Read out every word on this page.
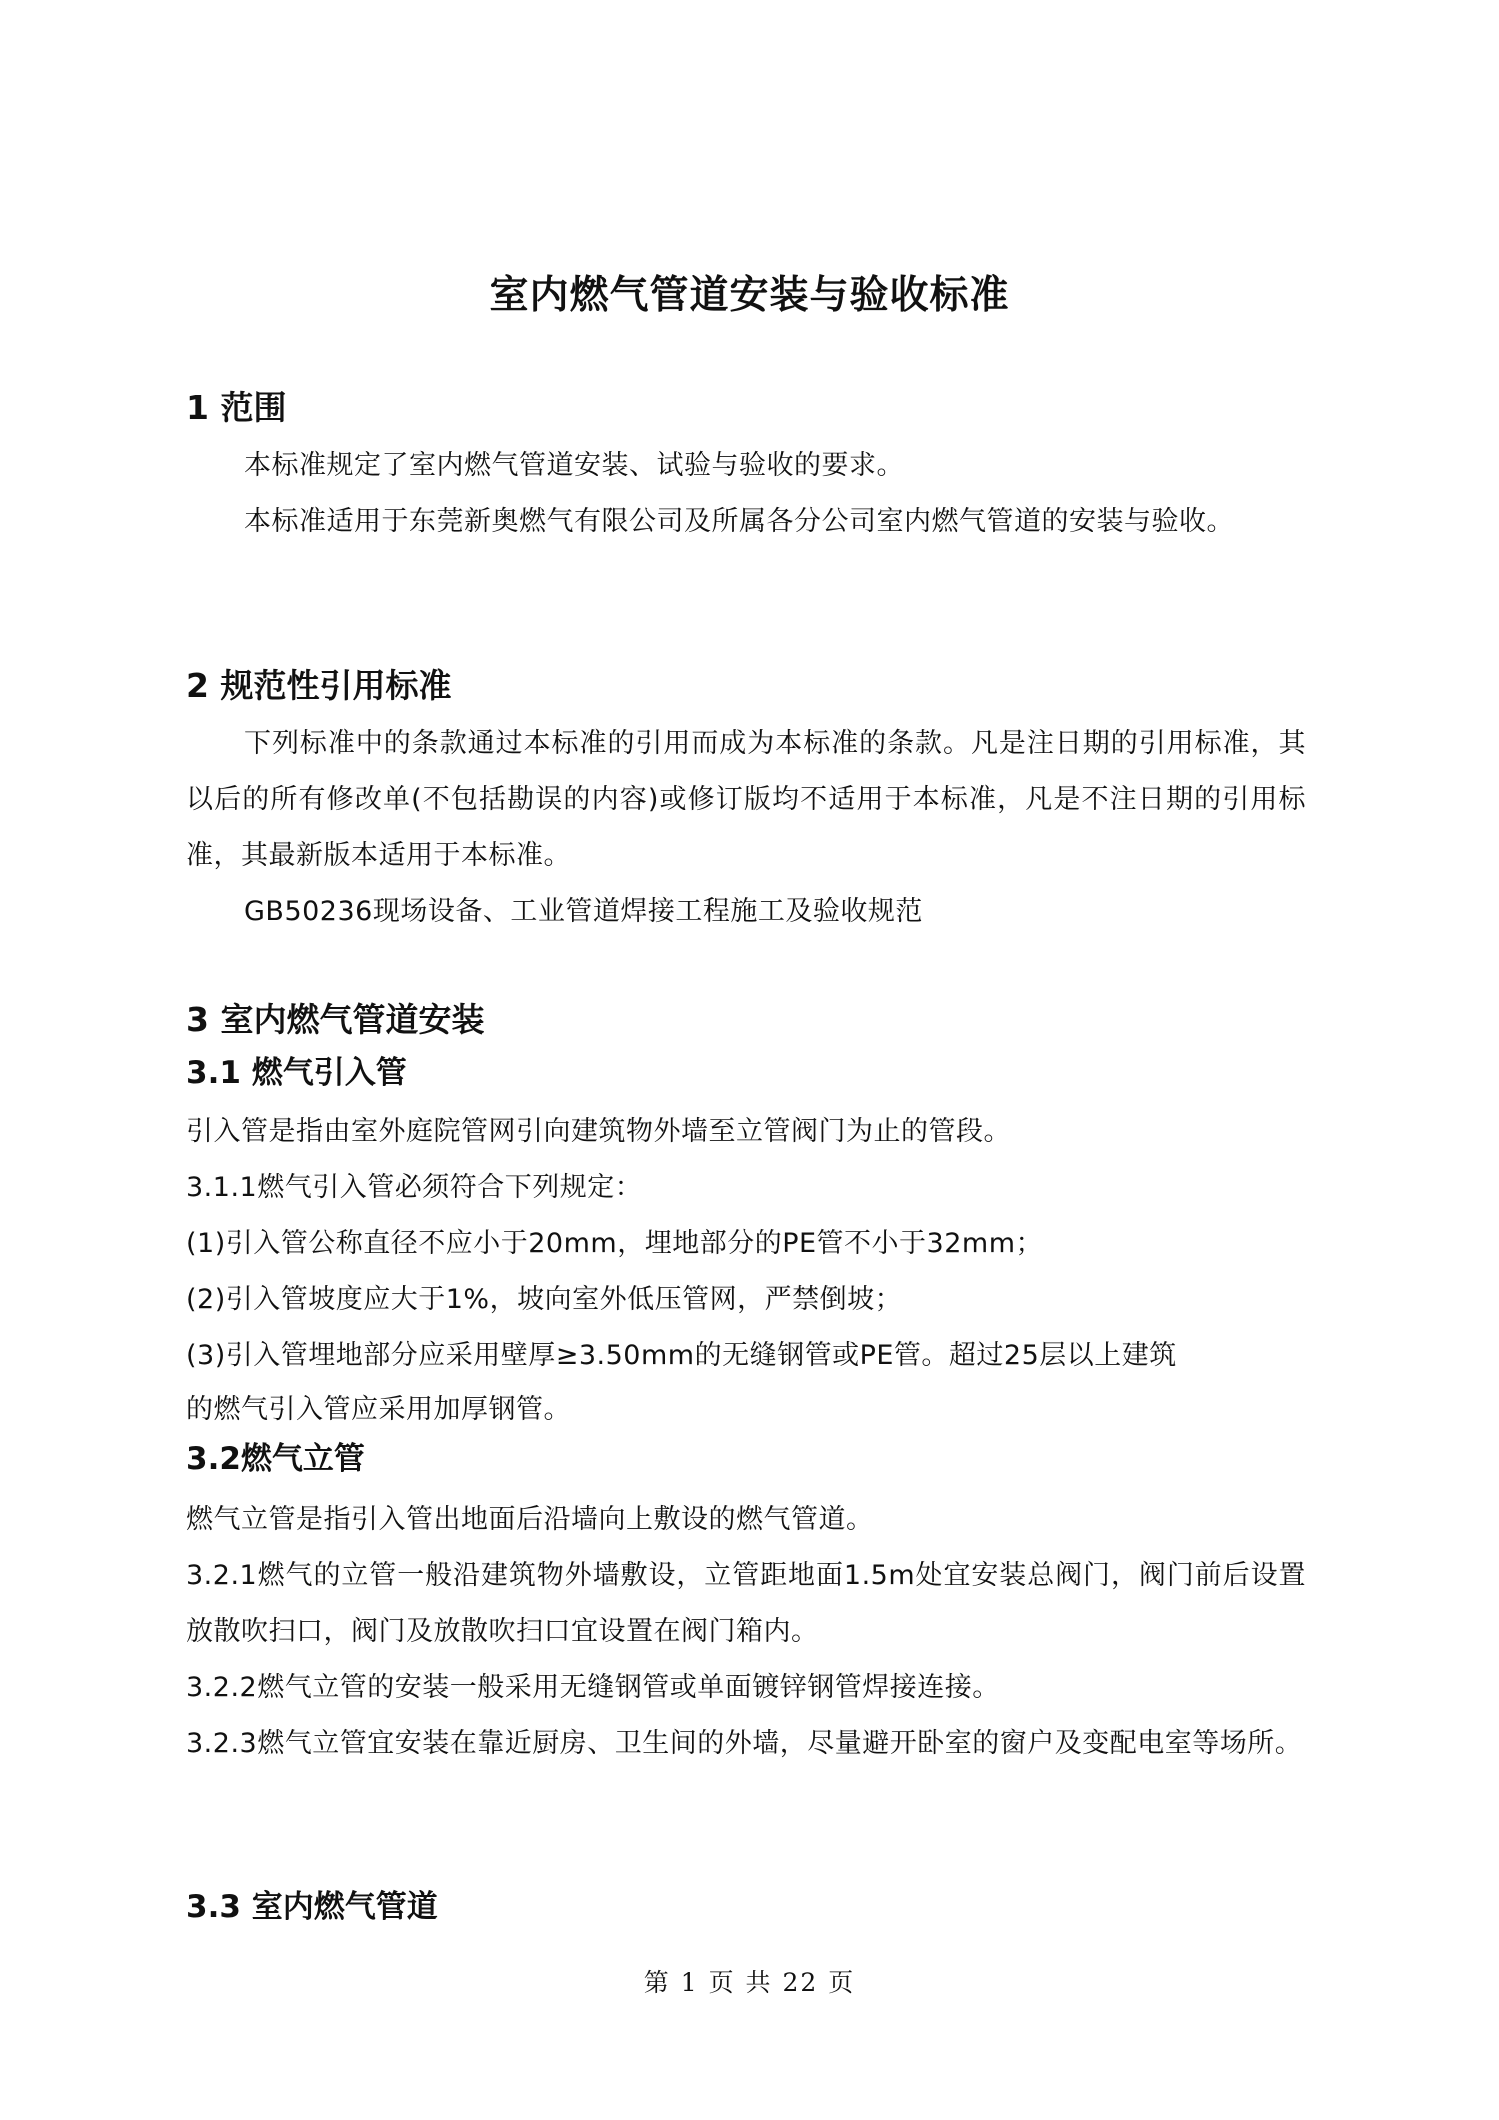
室内燃气管道安装与验收标准
1 范围
本标准规定了室内燃气管道安装、试验与验收的要求。
本标准适用于东莞新奥燃气有限公司及所属各分公司室内燃气管道的安装与验收。
2 规范性引用标准
下列标准中的条款通过本标准的引用而成为本标准的条款。凡是注日期的引用标准，其以后的所有修改单(不包括勘误的内容)或修订版均不适用于本标准，凡是不注日期的引用标准，其最新版本适用于本标准。
GB50236现场设备、工业管道焊接工程施工及验收规范
3 室内燃气管道安装
3.1 燃气引入管
引入管是指由室外庭院管网引向建筑物外墙至立管阀门为止的管段。
3.1.1燃气引入管必须符合下列规定：
(1)引入管公称直径不应小于20mm，埋地部分的PE管不小于32mm；
(2)引入管坡度应大于1%，坡向室外低压管网，严禁倒坡；
(3)引入管埋地部分应采用壁厚≥3.50mm的无缝钢管或PE管。超过25层以上建筑
的燃气引入管应采用加厚钢管。
3.2燃气立管
燃气立管是指引入管出地面后沿墙向上敷设的燃气管道。
3.2.1燃气的立管一般沿建筑物外墙敷设，立管距地面1.5m处宜安装总阀门，阀门前后设置放散吹扫口，阀门及放散吹扫口宜设置在阀门箱内。
3.2.2燃气立管的安装一般采用无缝钢管或单面镀锌钢管焊接连接。
3.2.3燃气立管宜安装在靠近厨房、卫生间的外墙，尽量避开卧室的窗户及变配电室等场所。
3.3 室内燃气管道
第 1 页 共 22 页
